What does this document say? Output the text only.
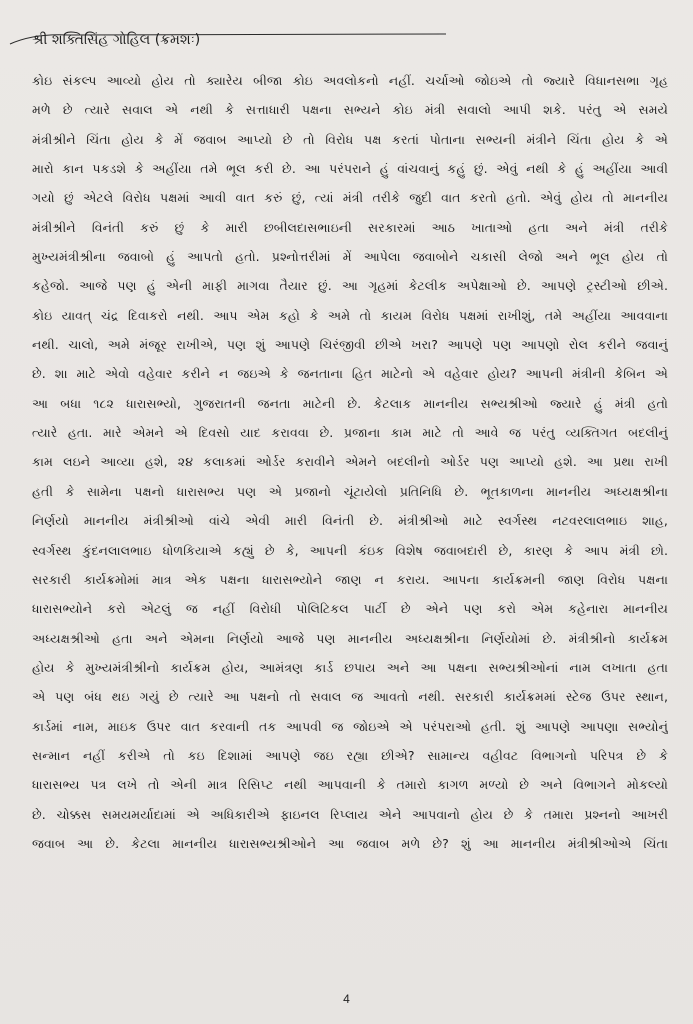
શ્રી શક્તિસિંહ ગોહિલ (ક્રમશઃ)
કોઇ સંકલ્પ આવ્યો હોય તો ક્યારેય બીજા કોઇ અવલોકનો નહીં. ચર્ચાઓ જોઇએ તો જ્યારે વિધાનસભા ગૃહ
મળે છે ત્યારે સવાલ એ નથી કે સત્તાધારી પક્ષના સભ્યને કોઇ મંત્રી સવાલો આપી શકે. પરંતુ એ સમયે
મંત્રીશ્રીને ચિંતા હોય કે મેં જવાબ આપ્યો છે તો વિરોધ પક્ષ કરતાં પોતાના સભ્યની મંત્રીને ચિંતા હોય કે એ
મારો કાન પકડશે કે અહીંયા તમે ભૂલ કરી છે. આ પરંપરાને હું વાંચવાનું કહું છું. એવું નથી કે હું અહીંયા આવી
ગયો છું એટલે વિરોધ પક્ષમાં આવી વાત કરું છું, ત્યાં મંત્રી તરીકે જુદી વાત કરતો હતો. એવું હોય તો માનનીય
મંત્રીશ્રીને વિનંતી કરું છું કે મારી છબીલદાસભાઇની સરકારમાં આઠ ખાતાઓ હતા અને મંત્રી તરીકે
મુખ્યમંત્રીશ્રીના જવાબો હું આપતો હતો. પ્રશ્નોત્તરીમાં મેં આપેલા જવાબોને ચકાસી લેજો અને ભૂલ હોય તો
કહેજો. આજે પણ હું એની માફી માગવા તૈયાર છું. આ ગૃહમાં કેટલીક અપેક્ષાઓ છે. આપણે ટ્રસ્ટીઓ છીએ.
કોઇ યાવત્ ચંદ્ર દિવાકરો નથી. આપ એમ કહો કે અમે તો કાયમ વિરોધ પક્ષમાં રાખીશું, તમે અહીંયા આવવાના
નથી. ચાલો, અમે મંજૂર રાખીએ, પણ શું આપણે ચિરંજીવી છીએ ખરા? આપણે પણ આપણો રોલ કરીને જવાનું
છે. શા માટે એવો વહેવાર કરીને ન જઇએ કે જનતાના હિત માટેનો એ વહેવાર હોય? આપની મંત્રીની કેબિન એ
આ બધા ૧૮૨ ધારાસભ્યો, ગુજરાતની જનતા માટેની છે. કેટલાક માનનીય સભ્યશ્રીઓ જ્યારે હું મંત્રી હતો
ત્યારે હતા. મારે એમને એ દિવસો યાદ કરાવવા છે. પ્રજાના કામ માટે તો આવે જ પરંતુ વ્યક્તિગત બદલીનું
કામ લઇને આવ્યા હશે, ૨૪ કલાકમાં ઓર્ડર કરાવીને એમને બદલીનો ઓર્ડર પણ આપ્યો હશે. આ પ્રથા રાખી
હતી કે સામેના પક્ષનો ધારાસભ્ય પણ એ પ્રજાનો ચૂંટાયેલો પ્રતિનિધિ છે. ભૂતકાળના માનનીય અધ્યક્ષશ્રીના
નિર્ણયો માનનીય મંત્રીશ્રીઓ વાંચે એવી મારી વિનંતી છે. મંત્રીશ્રીઓ માટે સ્વર્ગસ્થ નટવરલાલભાઇ શાહ,
સ્વર્ગસ્થ કુંદનલાલભાઇ ધોળકિયાએ કહ્યું છે કે, આપની કંઇક વિશેષ જવાબદારી છે, કારણ કે આપ મંત્રી છો.
સરકારી કાર્યક્રમોમાં માત્ર એક પક્ષના ધારાસભ્યોને જાણ ન કરાય. આપના કાર્યક્રમની જાણ વિરોધ પક્ષના
ધારાસભ્યોને કરો એટલું જ નહીં વિરોધી પોલિટિકલ પાર્ટી છે એને પણ કરો એમ કહેનારા માનનીય
અધ્યક્ષશ્રીઓ હતા અને એમના નિર્ણયો આજે પણ માનનીય અધ્યક્ષશ્રીના નિર્ણયોમાં છે. મંત્રીશ્રીનો કાર્યક્રમ
હોય કે મુખ્યમંત્રીશ્રીનો કાર્યક્રમ હોય, આમંત્રણ કાર્ડ છપાય અને આ પક્ષના સભ્યશ્રીઓનાં નામ લખાતા હતા
એ પણ બંધ થઇ ગયું છે ત્યારે આ પક્ષનો તો સવાલ જ આવતો નથી. સરકારી કાર્યક્રમમાં સ્ટેજ ઉપર સ્થાન,
કાર્ડમાં નામ, માઇક ઉપર વાત કરવાની તક આપવી જ જોઇએ એ પરંપરાઓ હતી. શું આપણે આપણા સભ્યોનું
સન્માન નહીં કરીએ તો કઇ દિશામાં આપણે જઇ રહ્યા છીએ? સામાન્ય વહીવટ વિભાગનો પરિપત્ર છે કે
ધારાસભ્ય પત્ર લખે તો એની માત્ર રિસિપ્ટ નથી આપવાની કે તમારો કાગળ મળ્યો છે અને વિભાગને મોકલ્યો
છે. ચોક્કસ સમયમર્યાદામાં એ અધિકારીએ ફાઇનલ રિપ્લાય એને આપવાનો હોય છે કે તમારા પ્રશ્નનો આખરી
જવાબ આ છે. કેટલા માનનીય ધારાસભ્યશ્રીઓને આ જવાબ મળે છે? શું આ માનનીય મંત્રીશ્રીઓએ ચિંતા
4
